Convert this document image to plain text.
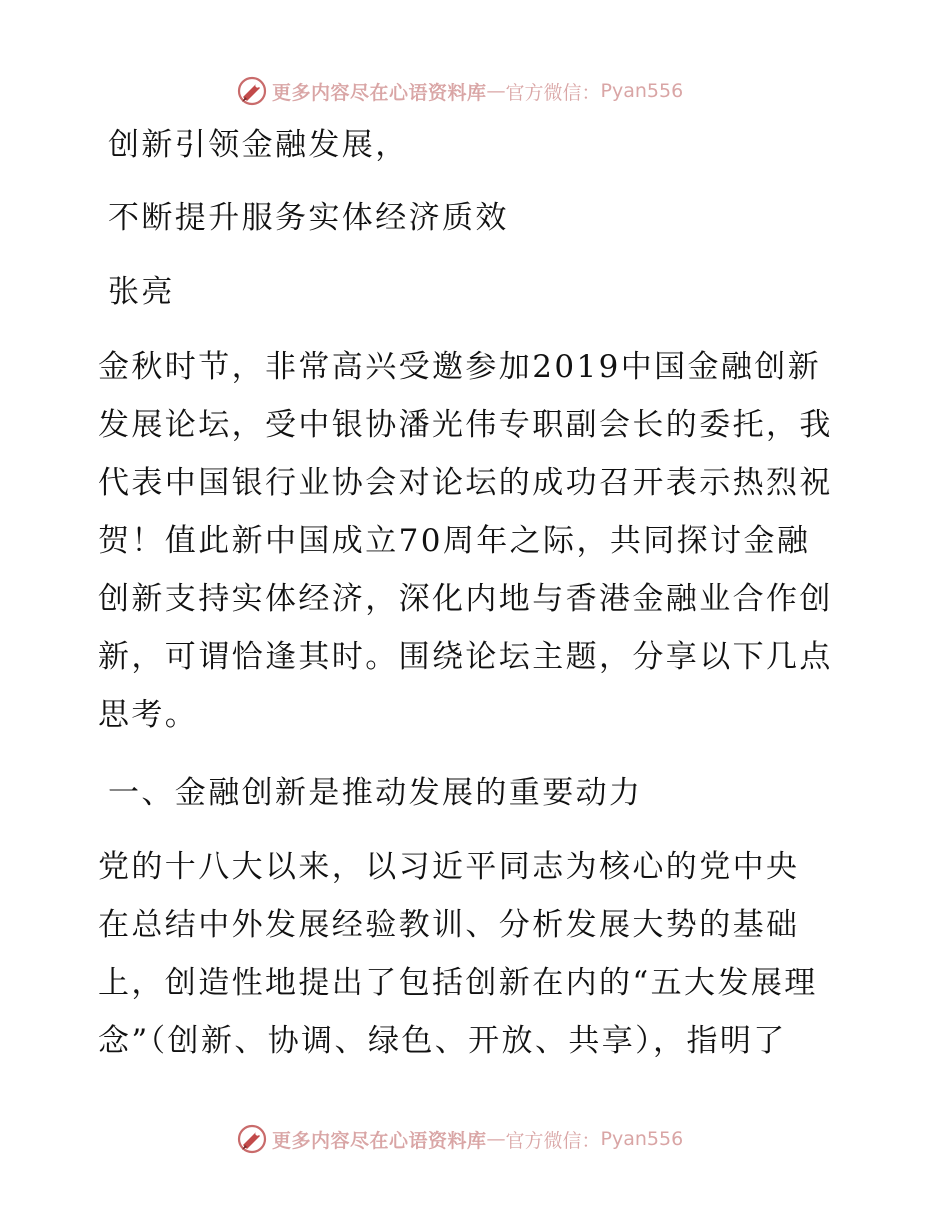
更多内容尽在心语资料库 — 官方微信： Pyan556
创新引领金融发展，
不断提升服务实体经济质效
张亮
金秋时节，非常高兴受邀参加2019中国金融创新
发展论坛，受中银协潘光伟专职副会长的委托，我
代表中国银行业协会对论坛的成功召开表示热烈祝
贺！值此新中国成立70周年之际，共同探讨金融
创新支持实体经济，深化内地与香港金融业合作创
新，可谓恰逢其时。围绕论坛主题，分享以下几点
思考。
一、金融创新是推动发展的重要动力
党的十八大以来，以习近平同志为核心的党中央
在总结中外发展经验教训、分析发展大势的基础
上，创造性地提出了包括创新在内的“五大发展理
念”（创新、协调、绿色、开放、共享），指明了
更多内容尽在心语资料库 — 官方微信： Pyan556
